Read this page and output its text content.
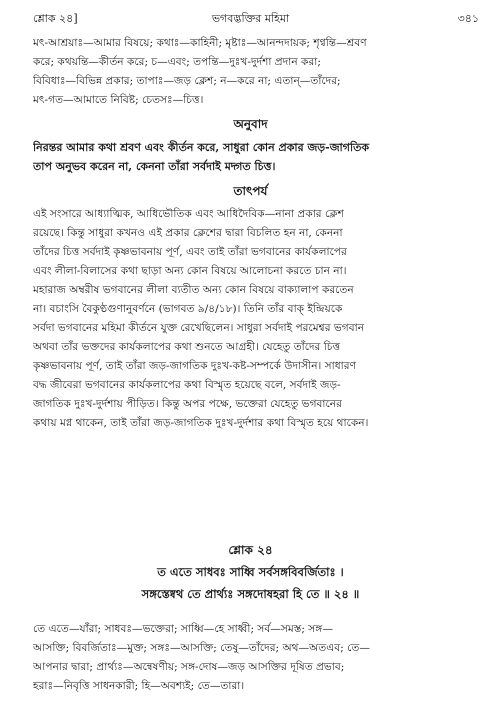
শ্লোক ২৪]	ভগবদ্ভক্তির মহিমা	৩৪১
মৎ-আশ্রয়াঃ—আমার বিষয়ে; কথাঃ—কাহিনী; মৃষ্টাঃ—আনন্দদায়ক; শৃণ্বন্তি—শ্রবণ
করে; কথয়ন্তি—কীর্তন করে; চ—এবং; তপন্তি—দুঃখ-দুর্দশা প্রদান করা;
বিবিধাঃ—বিভিন্ন প্রকার; তাপাঃ—জড় ক্লেশ; ন—করে না; এতান্—তাঁদের;
মৎ-গত—আমাতে নিবিষ্ট; চেতসঃ—চিত্ত।
অনুবাদ
নিরন্তর আমার কথা শ্রবণ এবং কীর্তন করে, সাধুরা কোন প্রকার জড়-জাগতিক
তাপ অনুভব করেন না, কেননা তাঁরা সর্বদাই মদ্গত চিত্ত।
তাৎপর্য
এই সংসারে আধ্যাত্মিক, আধিভৌতিক এবং আধিদৈবিক—নানা প্রকার ক্লেশ
রয়েছে। কিন্তু সাধুরা কখনও এই প্রকার ক্লেশের দ্বারা বিচলিত হন না, কেননা
তাঁদের চিত্ত সর্বদাই কৃষ্ণভাবনায় পূর্ণ, এবং তাই তাঁরা ভগবানের কার্যকলাপের
এবং লীলা-বিলাসের কথা ছাড়া অন্য কোন বিষয়ে আলোচনা করতে চান না।
মহারাজ অম্বরীষ ভগবানের লীলা ব্যতীত অন্য কোন বিষয়ে বাক্যালাপ করতেন
না। বচাংসি বৈকুণ্ঠগুণানুবর্ণনে (ভাগবত ৯/৪/১৮)। তিনি তাঁর বাক্ ইন্দ্রিয়কে
সর্বদা ভগবানের মহিমা কীর্তনে যুক্ত রেখেছিলেন। সাধুরা সর্বদাই পরমেশ্বর ভগবান
অথবা তাঁর ভক্তদের কার্যকলাপের কথা শুনতে আগ্রহী। যেহেতু তাঁদের চিত্ত
কৃষ্ণভাবনায় পূর্ণ, তাই তাঁরা জড়-জাগতিক দুঃখ-কষ্ট-সম্পর্কে উদাসীন। সাধারণ
বদ্ধ জীবেরা ভগবানের কার্যকলাপের কথা বিস্মৃত হয়েছে বলে, সর্বদাই জড়-
জাগতিক দুঃখ-দুর্দশায় পীড়িত। কিন্তু অপর পক্ষে, ভক্তেরা যেহেতু ভগবানের
কথায় মগ্ন থাকেন, তাই তাঁরা জড়-জাগতিক দুঃখ-দুর্দশার কথা বিস্মৃত হয়ে থাকেন।
শ্লোক ২৪
ত এতে সাধবঃ সাধ্বি সর্বসঙ্গবিবর্জিতাঃ ।
সঙ্গস্তেষ্বথ তে প্রার্থ্যঃ সঙ্গদোষহরা হি তে ॥ ২৪ ॥
তে এতে—যাঁরা; সাধবঃ—ভক্তেরা; সাধ্বি—হে সাধ্বী; সর্ব—সমস্ত; সঙ্গ—
আসক্তি; বিবর্জিতাঃ—মুক্ত; সঙ্গঃ—আসক্তি; তেষু—তাঁদের; অথ—অতএব; তে—
আপনার দ্বারা; প্রার্থ্যঃ—অন্বেষণীয়; সঙ্গ-দোষ—জড় আসক্তির দূষিত প্রভাব;
হরাঃ—নিবৃত্তি সাধনকারী; হি—অবশ্যই; তে—তারা।
